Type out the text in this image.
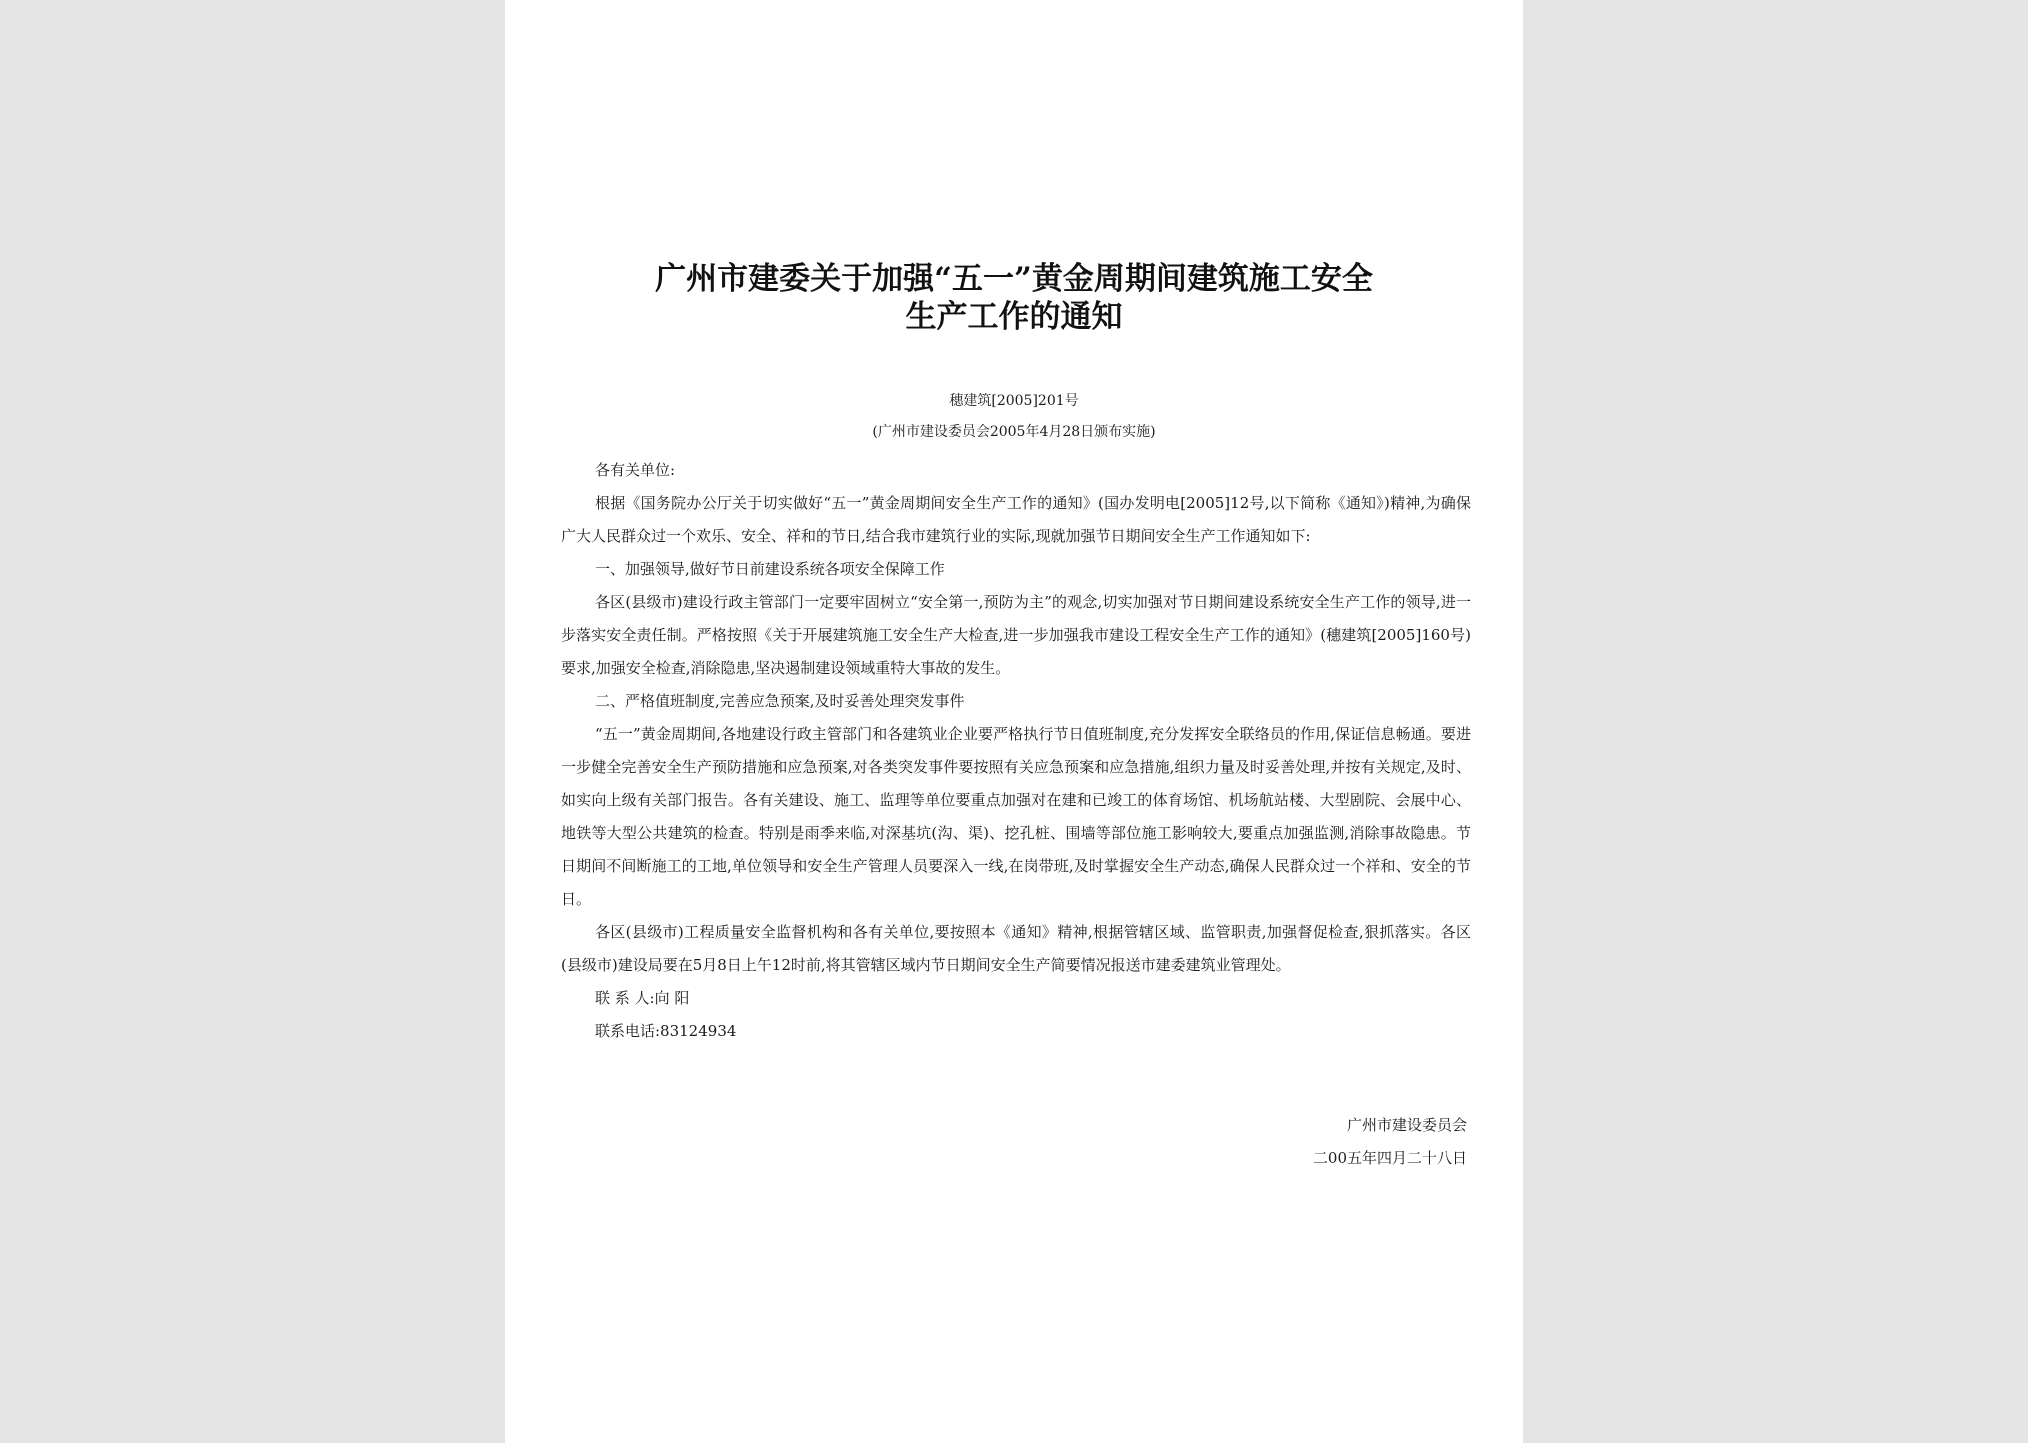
广州市建委关于加强“五一”黄金周期间建筑施工安全
生产工作的通知
穗建筑[2005]201号
(广州市建设委员会2005年4月28日颁布实施)

各有关单位:

根据《国务院办公厅关于切实做好“五一”黄金周期间安全生产工作的通知》(国办发明电[2005]12号,以下简称《通知》)精神,为确保广大人民群众过一个欢乐、安全、祥和的节日,结合我市建筑行业的实际,现就加强节日期间安全生产工作通知如下:

一、加强领导,做好节日前建设系统各项安全保障工作

各区(县级市)建设行政主管部门一定要牢固树立“安全第一,预防为主”的观念,切实加强对节日期间建设系统安全生产工作的领导,进一步落实安全责任制。严格按照《关于开展建筑施工安全生产大检查,进一步加强我市建设工程安全生产工作的通知》(穗建筑[2005]160号)要求,加强安全检查,消除隐患,坚决遏制建设领域重特大事故的发生。

二、严格值班制度,完善应急预案,及时妥善处理突发事件

“五一”黄金周期间,各地建设行政主管部门和各建筑业企业要严格执行节日值班制度,充分发挥安全联络员的作用,保证信息畅通。要进一步健全完善安全生产预防措施和应急预案,对各类突发事件要按照有关应急预案和应急措施,组织力量及时妥善处理,并按有关规定,及时、如实向上级有关部门报告。各有关建设、施工、监理等单位要重点加强对在建和已竣工的体育场馆、机场航站楼、大型剧院、会展中心、地铁等大型公共建筑的检查。特别是雨季来临,对深基坑(沟、渠)、挖孔桩、围墙等部位施工影响较大,要重点加强监测,消除事故隐患。节日期间不间断施工的工地,单位领导和安全生产管理人员要深入一线,在岗带班,及时掌握安全生产动态,确保人民群众过一个祥和、安全的节日。

各区(县级市)工程质量安全监督机构和各有关单位,要按照本《通知》精神,根据管辖区域、监管职责,加强督促检查,狠抓落实。各区(县级市)建设局要在5月8日上午12时前,将其管辖区域内节日期间安全生产简要情况报送市建委建筑业管理处。

联 系 人:向 阳

联系电话:83124934

广州市建设委员会
二00五年四月二十八日
